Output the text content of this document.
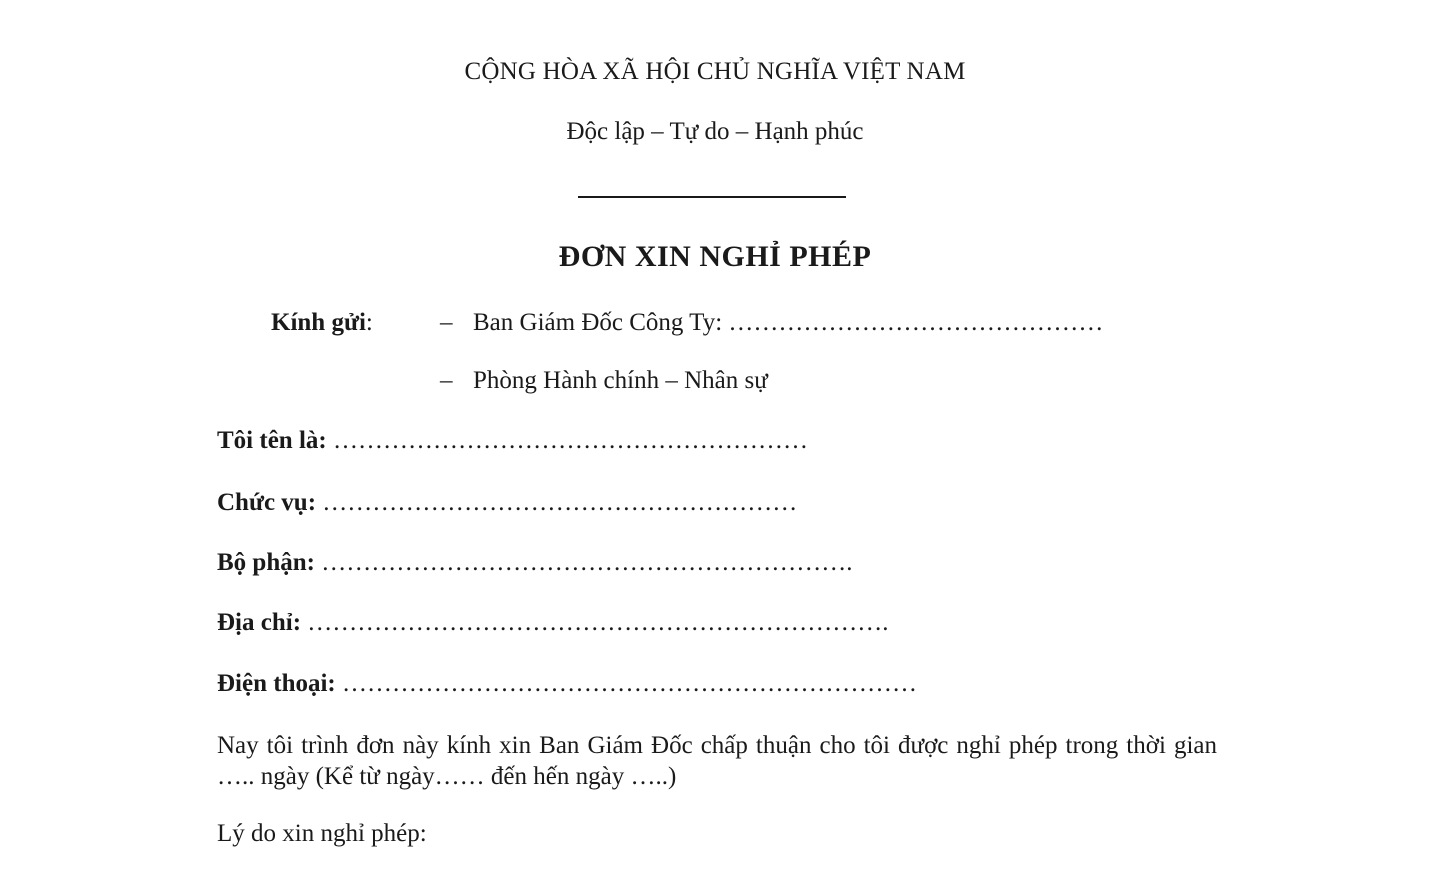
CỘNG HÒA XÃ HỘI CHỦ NGHĨA VIỆT NAM
Độc lập – Tự do – Hạnh phúc
ĐƠN XIN NGHỈ PHÉP
Kính gửi:	– Ban Giám Đốc Công Ty: ………………………………………
– Phòng Hành chính – Nhân sự
Tôi tên là: …………………………………………………
Chức vụ: …………………………………………………
Bộ phận: ……………………………………………………….
Địa chỉ: …………………………………………………………….
Điện thoại: ……………………………………………………………
Nay tôi trình đơn này kính xin Ban Giám Đốc chấp thuận cho tôi được nghỉ phép trong thời gian ….. ngày (Kể từ ngày…… đến hến ngày …..)
Lý do xin nghỉ phép:
